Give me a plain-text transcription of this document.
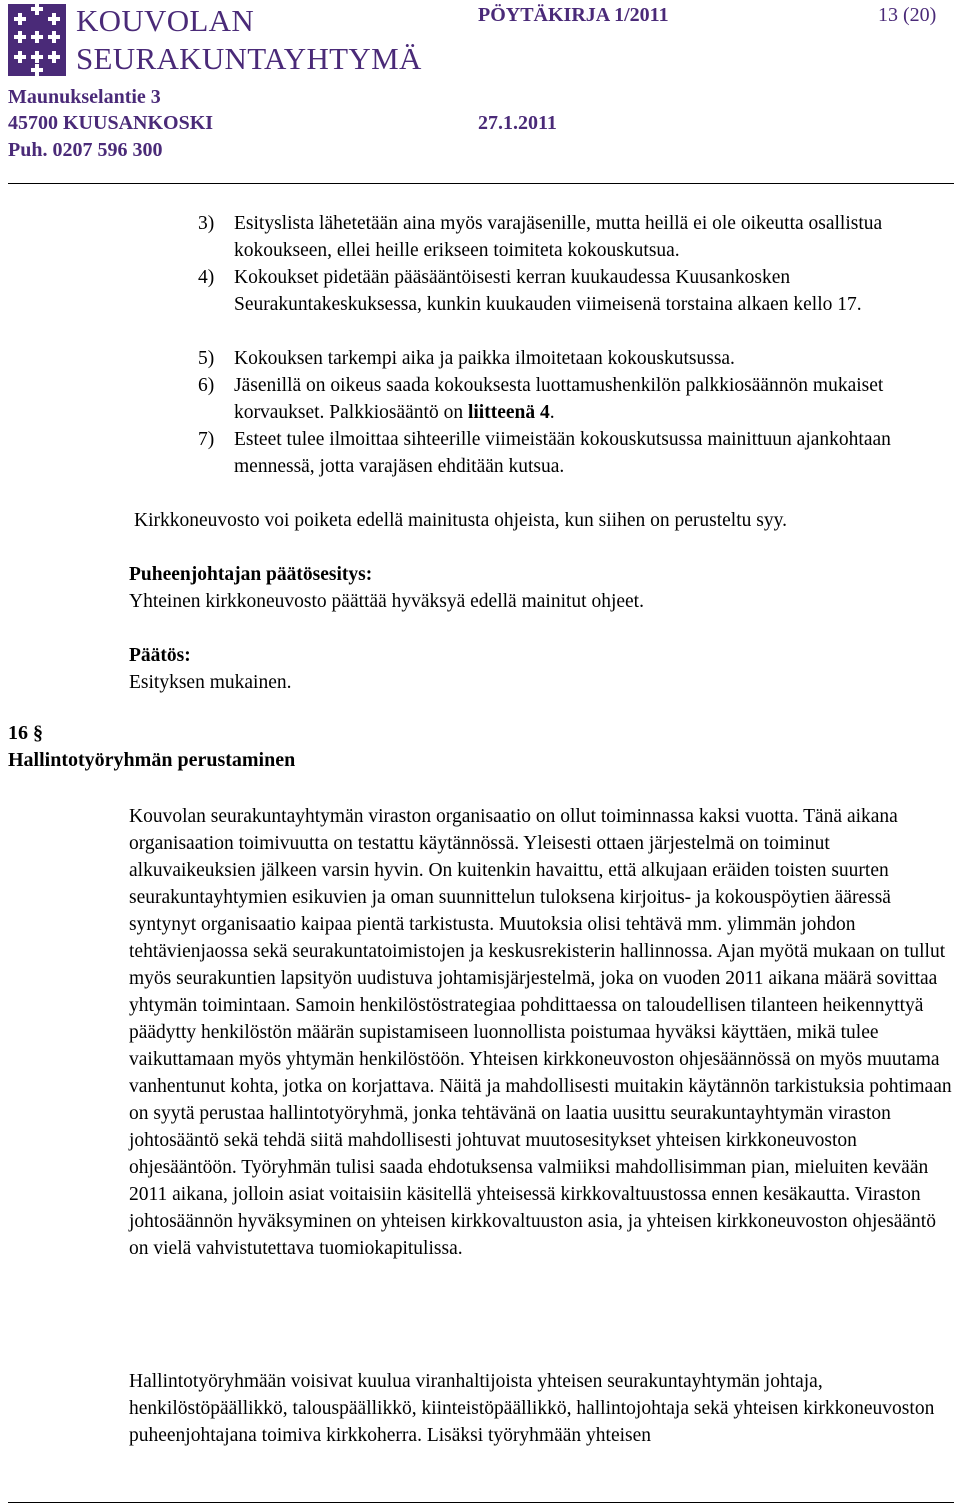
KOUVOLAN
SEURAKUNTAYHTYMÄ
PÖYTÄKIRJA 1/2011	13 (20)
Maunukselantie 3
45700 KUUSANKOSKI
Puh. 0207 596 300
27.1.2011
3) Esityslista lähetetään aina myös varajäsenille, mutta heillä ei ole oikeutta osallistua kokoukseen, ellei heille erikseen toimiteta kokouskutsua.
4) Kokoukset pidetään pääsääntöisesti kerran kuukaudessa Kuusankosken Seurakuntakeskuksessa, kunkin kuukauden viimeisenä torstaina alkaen kello 17.
5) Kokouksen tarkempi aika ja paikka ilmoitetaan kokouskutsussa.
6) Jäsenillä on oikeus saada kokouksesta luottamushenkilön palkkiosäännön mukaiset korvaukset. Palkkiosääntö on liitteenä 4.
7) Esteet tulee ilmoittaa sihteerille viimeistään kokouskutsussa mainittuun ajankohtaan mennessä, jotta varajäsen ehditään kutsua.
Kirkkoneuvosto voi poiketa edellä mainitusta ohjeista, kun siihen on perusteltu syy.
Puheenjohtajan päätösesitys:
Yhteinen kirkkoneuvosto päättää hyväksyä edellä mainitut ohjeet.
Päätös:
Esityksen mukainen.
16 §
Hallintotyöryhmän perustaminen
Kouvolan seurakuntayhtymän viraston organisaatio on ollut toiminnassa kaksi vuotta. Tänä aikana organisaation toimivuutta on testattu käytännössä. Yleisesti ottaen järjestelmä on toiminut alkuvaikeuksien jälkeen varsin hyvin. On kuitenkin havaittu, että alkujaan eräiden toisten suurten seurakuntayhtymien esikuvien ja oman suunnittelun tuloksena kirjoitus- ja kokouspöytien ääressä syntynyt organisaatio kaipaa pientä tarkistusta. Muutoksia olisi tehtävä mm. ylimmän johdon tehtävienjaossa sekä seurakuntatoimistojen ja keskusrekisterin hallinnossa. Ajan myötä mukaan on tullut myös seurakuntien lapsityön uudistuva johtamisjärjestelmä, joka on vuoden 2011 aikana määrä sovittaa yhtymän toimintaan. Samoin henkilöstöstrategiaa pohdittaessa on taloudellisen tilanteen heikennyttyä päädytty henkilöstön määrän supistamiseen luonnollista poistumaa hyväksi käyttäen, mikä tulee vaikuttamaan myös yhtymän henkilöstöön. Yhteisen kirkkoneuvoston ohjesäännössä on myös muutama vanhentunut kohta, jotka on korjattava. Näitä ja mahdollisesti muitakin käytännön tarkistuksia pohtimaan on syytä perustaa hallintotyöryhmä, jonka tehtävänä on laatia uusittu seurakuntayhtymän viraston johtosääntö sekä tehdä siitä mahdollisesti johtuvat muutosesitykset yhteisen kirkkoneuvoston ohjesääntöön. Työryhmän tulisi saada ehdotuksensa valmiiksi mahdollisimman pian, mieluiten kevään 2011 aikana, jolloin asiat voitaisiin käsitellä yhteisessä kirkkovaltuustossa ennen kesäkautta. Viraston johtosäännön hyväksyminen on yhteisen kirkkovaltuuston asia, ja yhteisen kirkkoneuvoston ohjesääntö on vielä vahvistutettava tuomiokapitulissa.
Hallintotyöryhmään voisivat kuulua viranhaltijoista yhteisen seurakuntayhtymän johtaja, henkilöstöpäällikkö, talouspäällikkö, kiinteistöpäällikkö, hallintojohtaja sekä yhteisen kirkkoneuvoston puheenjohtajana toimiva kirkkoherra. Lisäksi työryhmään yhteisen
